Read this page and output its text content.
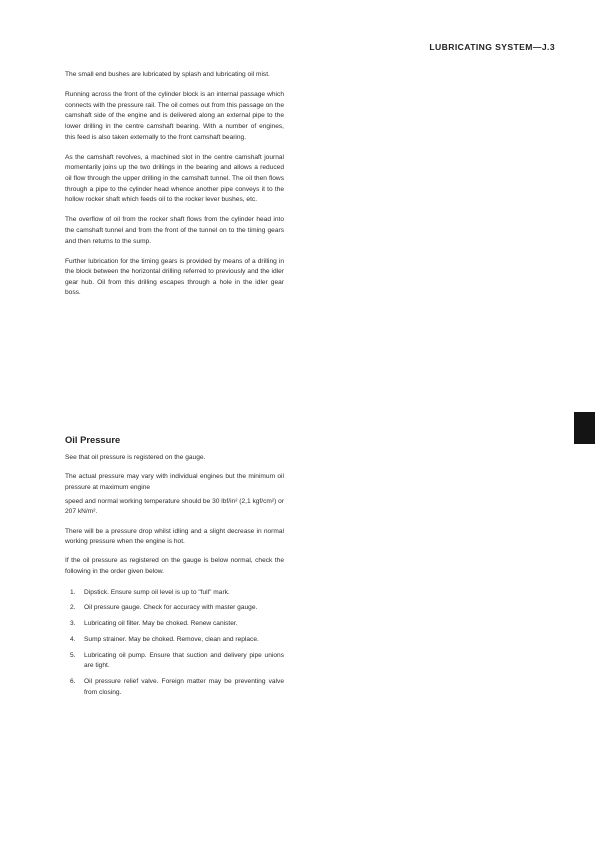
LUBRICATING SYSTEM—J.3

The small end bushes are lubricated by splash and lubricating oil mist.

Running across the front of the cylinder block is an internal passage which connects with the pressure rail. The oil comes out from this passage on the camshaft side of the engine and is delivered along an external pipe to the lower drilling in the centre camshaft bearing. With a number of engines, this feed is also taken externally to the front camshaft bearing.

As the camshaft revolves, a machined slot in the centre camshaft journal momentarily joins up the two drillings in the bearing and allows a reduced oil flow through the upper drilling in the camshaft tunnel. The oil then flows through a pipe to the cylinder head whence another pipe conveys it to the hollow rocker shaft which feeds oil to the rocker lever bushes, etc.

The overflow of oil from the rocker shaft flows from the cylinder head into the camshaft tunnel and from the front of the tunnel on to the timing gears and then returns to the sump.

Further lubrication for the timing gears is provided by means of a drilling in the block between the horizontal drilling referred to previously and the idler gear hub. Oil from this drilling escapes through a hole in the idler gear boss.

Oil Pressure

See that oil pressure is registered on the gauge.

The actual pressure may vary with individual engines but the minimum oil pressure at maximum engine

speed and normal working temperature should be 30 lbf/in² (2,1 kgf/cm²) or 207 kN/m².

There will be a pressure drop whilst idling and a slight decrease in normal working pressure when the engine is hot.

If the oil pressure as registered on the gauge is below normal, check the following in the order given below.

1. Dipstick. Ensure sump oil level is up to "full" mark.
2. Oil pressure gauge. Check for accuracy with master gauge.
3. Lubricating oil filter. May be choked. Renew canister.
4. Sump strainer. May be choked. Remove, clean and replace.
5. Lubricating oil pump. Ensure that suction and delivery pipe unions are tight.
6. Oil pressure relief valve. Foreign matter may be preventing valve from closing.
